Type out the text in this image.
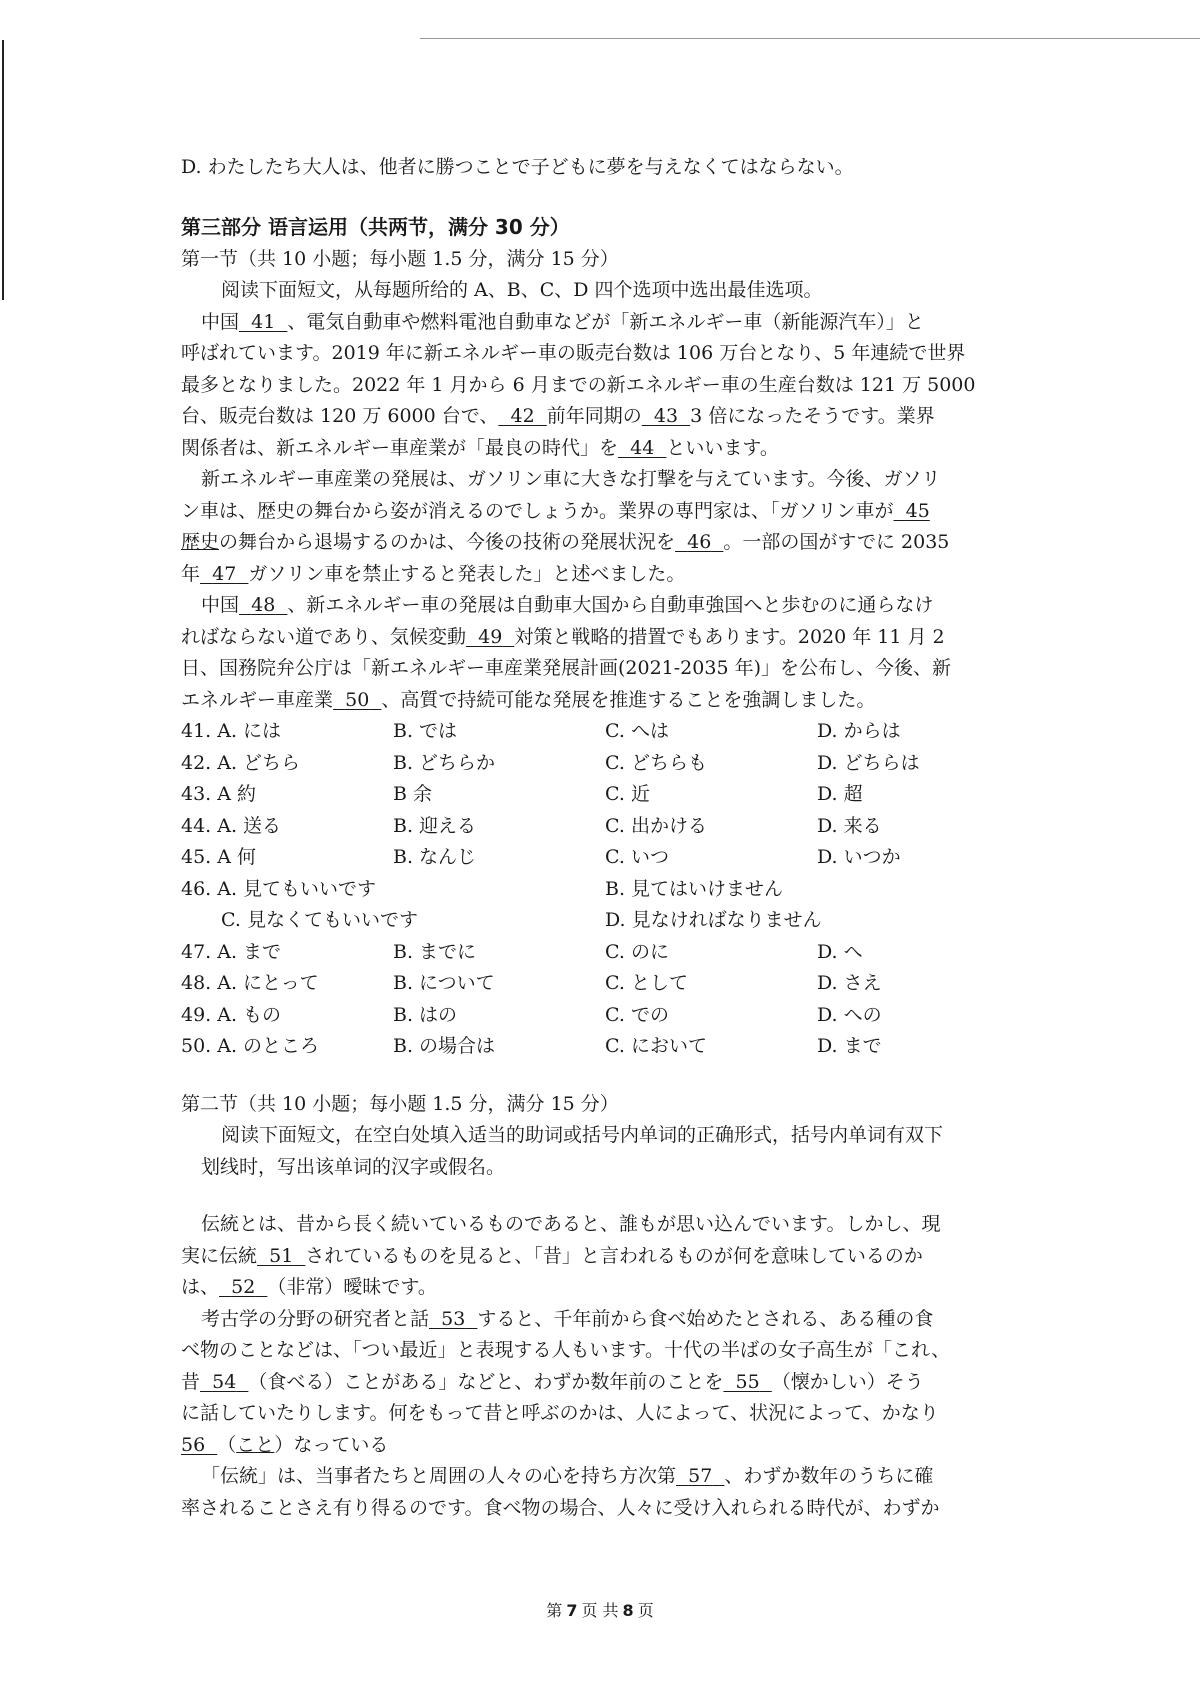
D. わたしたち大人は、他者に勝つことで子どもに夢を与えなくてはならない。
第三部分 语言运用（共两节，满分 30 分）
第一节（共 10 小题；每小题 1.5 分，满分 15 分）
阅读下面短文，从每题所给的 A、B、C、D 四个选项中选出最佳选项。
中国 41 、電気自動車や燃料電池自動車などが「新エネルギー車（新能源汽车）」と
呼ばれています。2019 年に新エネルギー車の販売台数は 106 万台となり、5 年連続で世界
最多となりました。2022 年 1 月から 6 月までの新エネルギー車の生産台数は 121 万 5000
台、販売台数は 120 万 6000 台で、 42 前年同期の 43 3 倍になったそうです。業界
関係者は、新エネルギー車産業が「最良の時代」を 44 といいます。
新エネルギー車産業の発展は、ガソリン車に大きな打撃を与えています。今後、ガソリ
ン車は、歴史の舞台から姿が消えるのでしょうか。業界の専門家は、「ガソリン車が 45
歴史の舞台から退場するのかは、今後の技術の発展状況を 46 。一部の国がすでに 2035
年 47 ガソリン車を禁止すると発表した」と述べました。
中国 48 、新エネルギー車の発展は自動車大国から自動車強国へと歩むのに通らなけ
ればならない道であり、気候変動 49 対策と戦略的措置でもあります。2020 年 11 月 2
日、国務院弁公庁は「新エネルギー車産業発展計画(2021-2035 年)」を公布し、今後、新
エネルギー車産業 50 、高質で持続可能な発展を推進することを強調しました。
41. A. には	B. では	C. へは	D. からは
42. A. どちら	B. どちらか	C. どちらも	D. どちらは
43. A 約	B 余	C. 近	D. 超
44. A. 送る	B. 迎える	C. 出かける	D. 来る
45. A 何	B. なんじ	C. いつ	D. いつか
46. A. 見てもいいです	B. 見てはいけません
C. 見なくてもいいです	D. 見なければなりません
47. A. まで	B. までに	C. のに	D. へ
48. A. にとって	B. について	C. として	D. さえ
49. A. もの	B. はの	C. での	D. への
50. A. のところ	B. の場合は	C. において	D. まで
第二节（共 10 小题；每小题 1.5 分，满分 15 分）
阅读下面短文，在空白处填入适当的助词或括号内单词的正确形式，括号内单词有双下
划线时，写出该单词的汉字或假名。
伝統とは、昔から長く続いているものであると、誰もが思い込んでいます。しかし、現
実に伝統 51 されているものを見ると、「昔」と言われるものが何を意味しているのか
は、 52 （非常）曖昧です。
考古学の分野の研究者と話 53 すると、千年前から食べ始めたとされる、ある種の食
べ物のことなどは、「つい最近」と表現する人もいます。十代の半ばの女子高生が「これ、
昔 54 （食べる）ことがある」などと、わずか数年前のことを 55 （懐かしい）そう
に話していたりします。何をもって昔と呼ぶのかは、人によって、状況によって、かなり
56 （こと）なっている
「伝統」は、当事者たちと周囲の人々の心を持ち方次第 57 、わずか数年のうちに確
率されることさえ有り得るのです。食べ物の場合、人々に受け入れられる時代が、わずか
第 7 页 共 8 页
